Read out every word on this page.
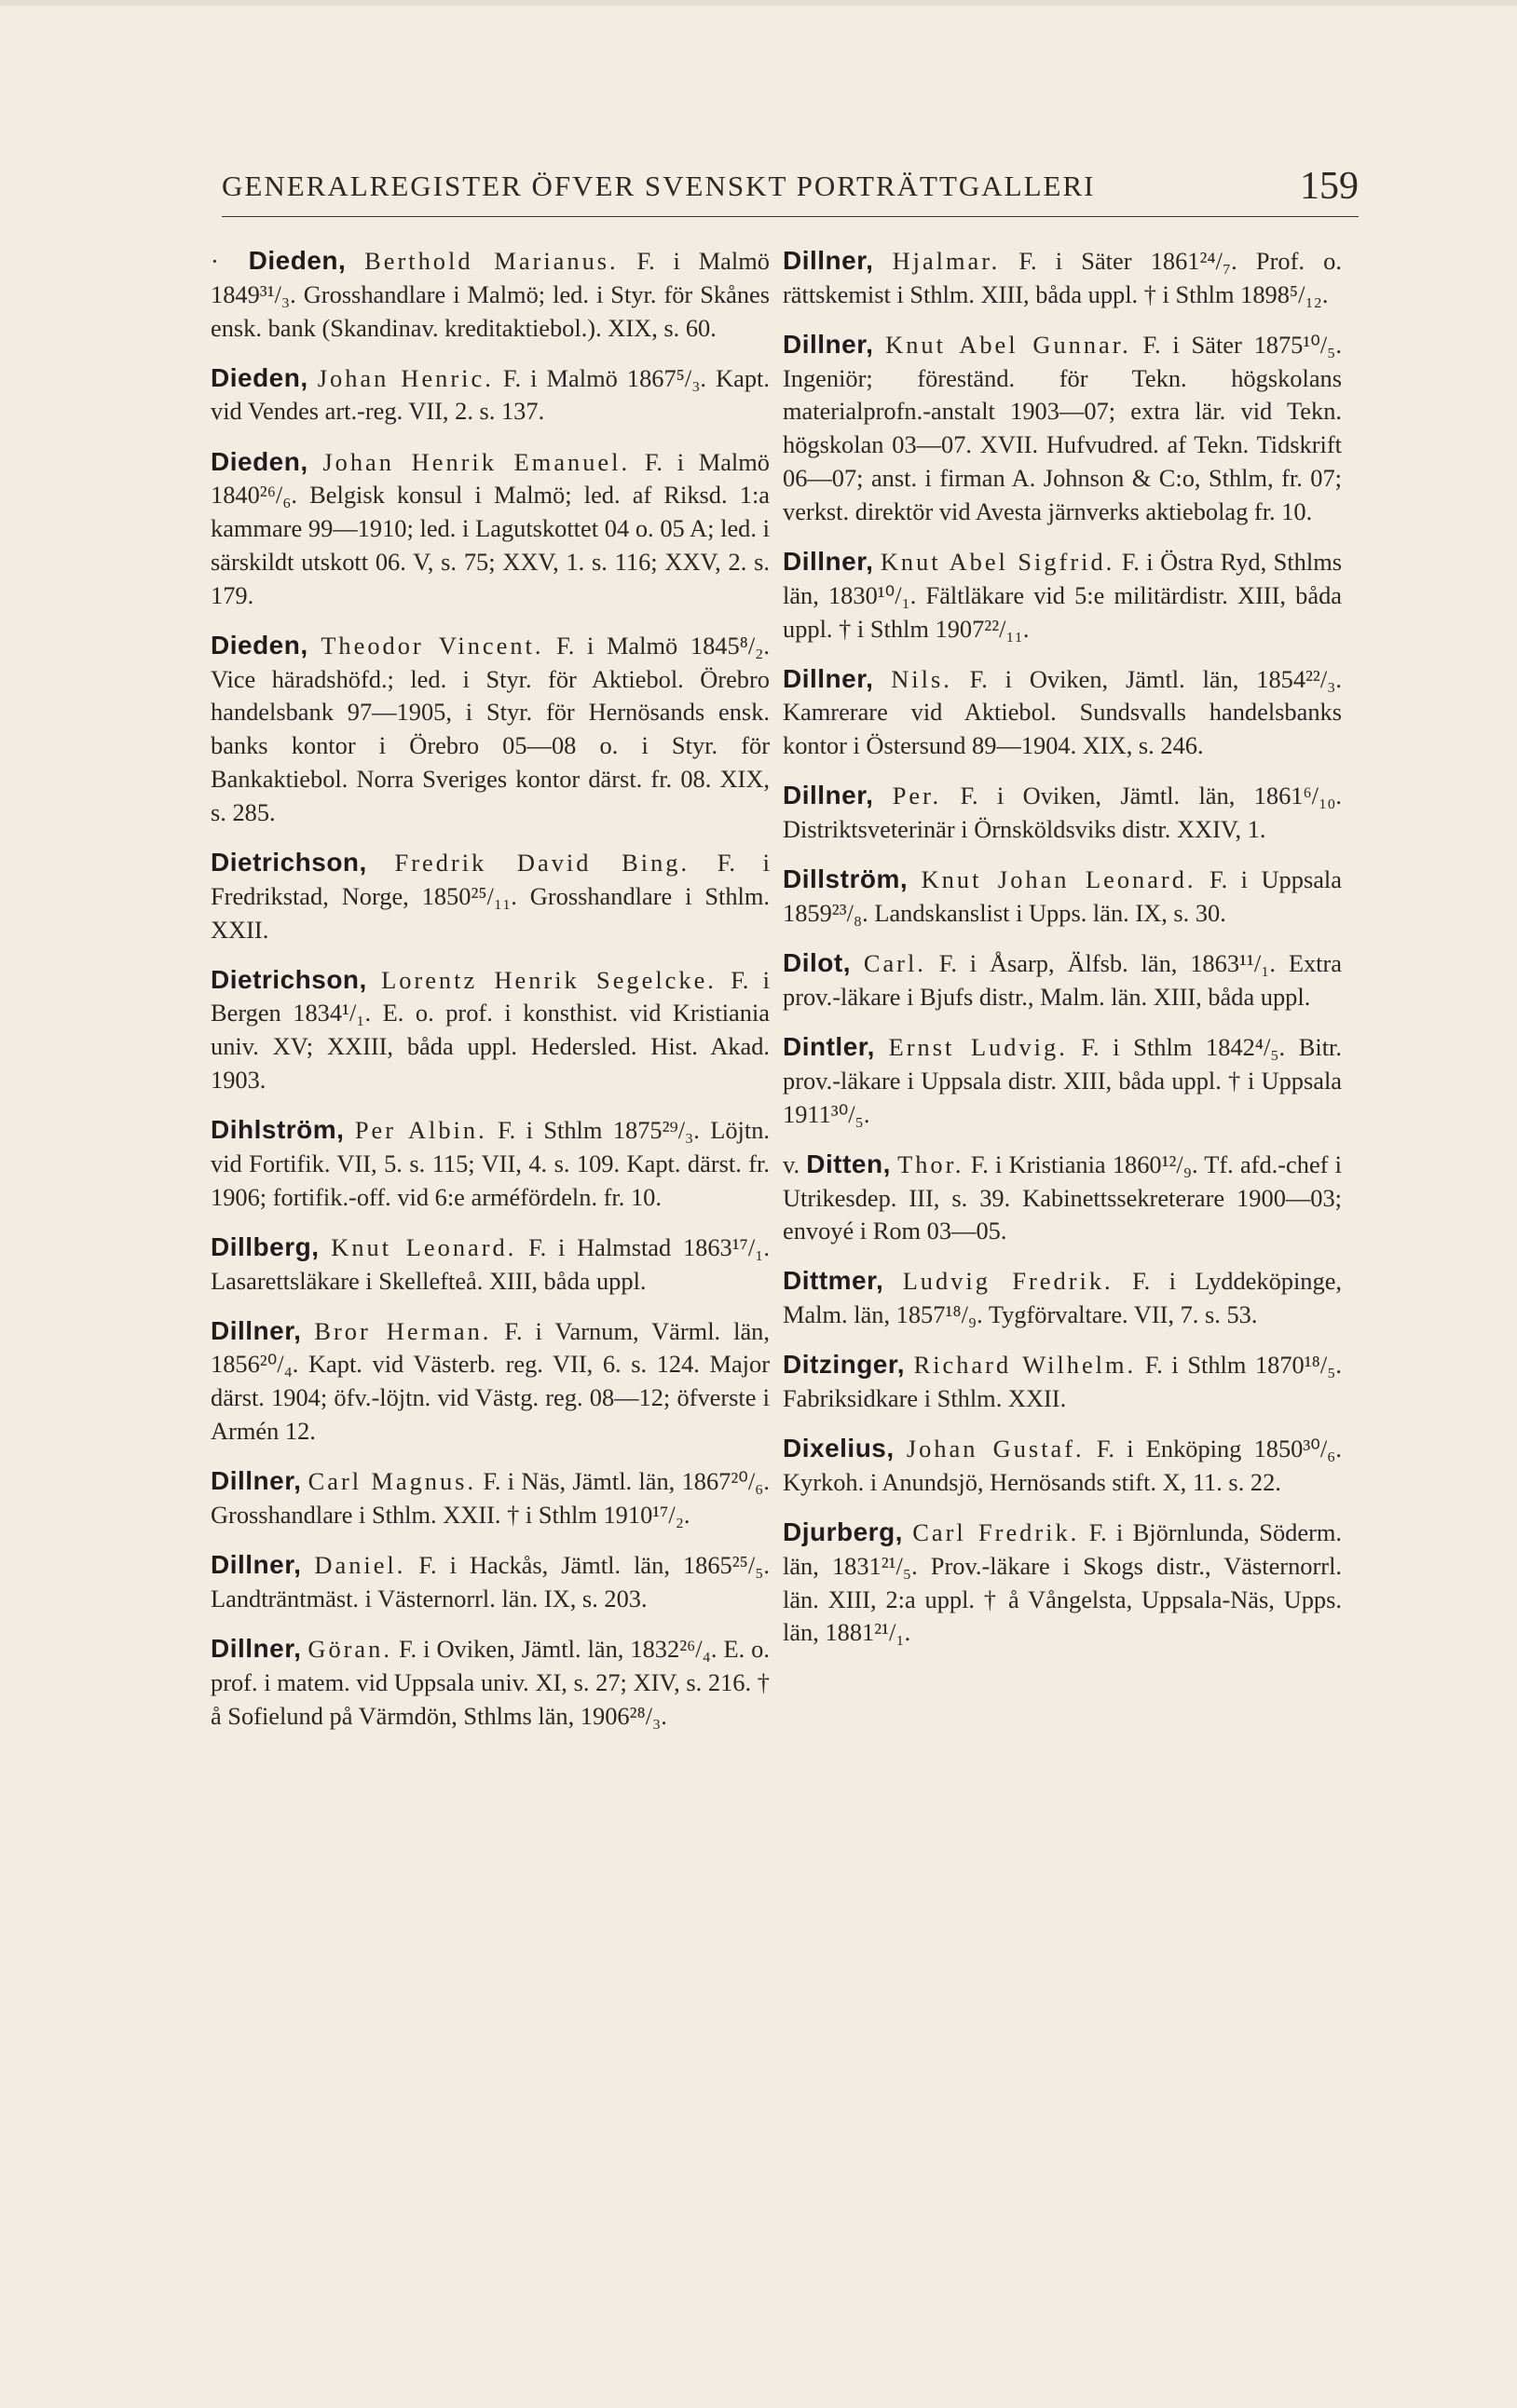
GENERALREGISTER ÖFVER SVENSKT PORTRÄTTGALLERI	159

· Dieden, Berthold Marianus. F. i Malmö 1849³¹/₃. Grosshandlare i Malmö; led. i Styr. för Skånes ensk. bank (Skandinav. kreditaktiebol.). XIX, s. 60.

Dieden, Johan Henric. F. i Malmö 1867⁵/₃. Kapt. vid Vendes art.-reg. VII, 2. s. 137.

Dieden, Johan Henrik Emanuel. F. i Malmö 1840²⁶/₆. Belgisk konsul i Malmö; led. af Riksd. 1:a kammare 99—1910; led. i Lagutskottet 04 o. 05 A; led. i särskildt utskott 06. V, s. 75; XXV, 1. s. 116; XXV, 2. s. 179.

Dieden, Theodor Vincent. F. i Malmö 1845⁸/₂. Vice häradshöfd.; led. i Styr. för Aktiebol. Örebro handelsbank 97—1905, i Styr. för Hernösands ensk. banks kontor i Örebro 05—08 o. i Styr. för Bankaktiebol. Norra Sveriges kontor därst. fr. 08. XIX, s. 285.

Dietrichson, Fredrik David Bing. F. i Fredrikstad, Norge, 1850²⁵/₁₁. Grosshandlare i Sthlm. XXII.

Dietrichson, Lorentz Henrik Segelcke. F. i Bergen 1834¹/₁. E. o. prof. i konsthist. vid Kristiania univ. XV; XXIII, båda uppl. Hedersled. Hist. Akad. 1903.

Dihlström, Per Albin. F. i Sthlm 1875²⁹/₃. Löjtn. vid Fortifik. VII, 5. s. 115; VII, 4. s. 109. Kapt. därst. fr. 1906; fortifik.-off. vid 6:e arméfördeln. fr. 10.

Dillberg, Knut Leonard. F. i Halmstad 1863¹⁷/₁. Lasarettsläkare i Skellefteå. XIII, båda uppl.

Dillner, Bror Herman. F. i Varnum, Värml. län, 1856²⁰/₄. Kapt. vid Västerb. reg. VII, 6. s. 124. Major därst. 1904; öfv.-löjtn. vid Västg. reg. 08—12; öfverste i Armén 12.

Dillner, Carl Magnus. F. i Näs, Jämtl. län, 1867²⁰/₆. Grosshandlare i Sthlm. XXII. † i Sthlm 1910¹⁷/₂.

Dillner, Daniel. F. i Hackås, Jämtl. län, 1865²⁵/₅. Landträntmäst. i Västernorrl. län. IX, s. 203.

Dillner, Göran. F. i Oviken, Jämtl. län, 1832²⁶/₄. E. o. prof. i matem. vid Uppsala univ. XI, s. 27; XIV, s. 216. † å Sofielund på Värmdön, Sthlms län, 1906²⁸/₃.

Dillner, Hjalmar. F. i Säter 1861²⁴/₇. Prof. o. rättskemist i Sthlm. XIII, båda uppl. † i Sthlm 1898⁵/₁₂.

Dillner, Knut Abel Gunnar. F. i Säter 1875¹⁰/₅. Ingeniör; föreständ. för Tekn. högskolans materialprofn.-anstalt 1903—07; extra lär. vid Tekn. högskolan 03—07. XVII. Hufvudred. af Tekn. Tidskrift 06—07; anst. i firman A. Johnson & C:o, Sthlm, fr. 07; verkst. direktör vid Avesta järnverks aktiebolag fr. 10.

Dillner, Knut Abel Sigfrid. F. i Östra Ryd, Sthlms län, 1830¹⁰/₁. Fältläkare vid 5:e militärdistr. XIII, båda uppl. † i Sthlm 1907²²/₁₁.

Dillner, Nils. F. i Oviken, Jämtl. län, 1854²²/₃. Kamrerare vid Aktiebol. Sundsvalls handelsbanks kontor i Östersund 89—1904. XIX, s. 246.

Dillner, Per. F. i Oviken, Jämtl. län, 1861⁶/₁₀. Distriktsveterinär i Örnsköldsviks distr. XXIV, 1.

Dillström, Knut Johan Leonard. F. i Uppsala 1859²³/₈. Landskanslist i Upps. län. IX, s. 30.

Dilot, Carl. F. i Åsarp, Älfsb. län, 1863¹¹/₁. Extra prov.-läkare i Bjufs distr., Malm. län. XIII, båda uppl.

Dintler, Ernst Ludvig. F. i Sthlm 1842⁴/₅. Bitr. prov.-läkare i Uppsala distr. XIII, båda uppl. † i Uppsala 1911³⁰/₅.

v. Ditten, Thor. F. i Kristiania 1860¹²/₉. Tf. afd.-chef i Utrikesdep. III, s. 39. Kabinettssekreterare 1900—03; envoyé i Rom 03—05.

Dittmer, Ludvig Fredrik. F. i Lyddeköpinge, Malm. län, 1857¹⁸/₉. Tygförvaltare. VII, 7. s. 53.

Ditzinger, Richard Wilhelm. F. i Sthlm 1870¹⁸/₅. Fabriksidkare i Sthlm. XXII.

Dixelius, Johan Gustaf. F. i Enköping 1850³⁰/₆. Kyrkoh. i Anundsjö, Hernösands stift. X, 11. s. 22.

Djurberg, Carl Fredrik. F. i Björnlunda, Söderm. län, 1831²¹/₅. Prov.-läkare i Skogs distr., Västernorrl. län. XIII, 2:a uppl. † å Vångelsta, Uppsala-Näs, Upps. län, 1881²¹/₁.
